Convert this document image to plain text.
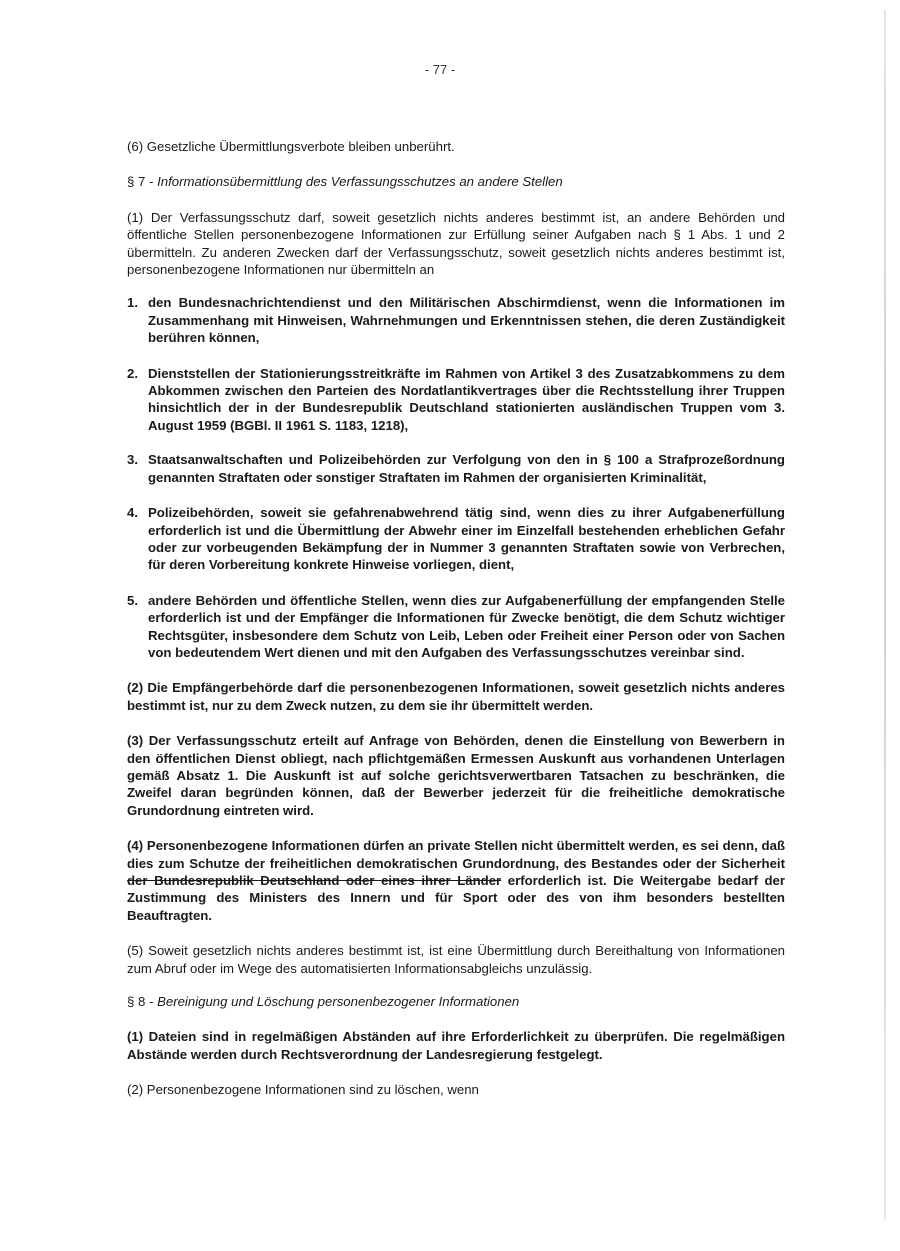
- 77 -

(6) Gesetzliche Übermittlungsverbote bleiben unberührt.

§ 7 - Informationsübermittlung des Verfassungsschutzes an andere Stellen

(1) Der Verfassungsschutz darf, soweit gesetzlich nichts anderes bestimmt ist, an andere Behörden und öffentliche Stellen personenbezogene Informationen zur Erfüllung seiner Aufgaben nach § 1 Abs. 1 und 2 übermitteln. Zu anderen Zwecken darf der Verfassungsschutz, soweit gesetzlich nichts anderes bestimmt ist, personenbezogene Informationen nur übermitteln an

1. den Bundesnachrichtendienst und den Militärischen Abschirmdienst, wenn die Informationen im Zusammenhang mit Hinweisen, Wahrnehmungen und Erkenntnissen stehen, die deren Zuständigkeit berühren können,
2. Dienststellen der Stationierungsstreitkräfte im Rahmen von Artikel 3 des Zusatzabkommens zu dem Abkommen zwischen den Parteien des Nordatlantikvertrages über die Rechtsstellung ihrer Truppen hinsichtlich der in der Bundesrepublik Deutschland stationierten ausländischen Truppen vom 3. August 1959 (BGBl. II 1961 S. 1183, 1218),
3. Staatsanwaltschaften und Polizeibehörden zur Verfolgung von den in § 100 a Strafprozeßordnung genannten Straftaten oder sonstiger Straftaten im Rahmen der organisierten Kriminalität,
4. Polizeibehörden, soweit sie gefahrenabwehrend tätig sind, wenn dies zu ihrer Aufgabenerfüllung erforderlich ist und die Übermittlung der Abwehr einer im Einzelfall bestehenden erheblichen Gefahr oder zur vorbeugenden Bekämpfung der in Nummer 3 genannten Straftaten sowie von Verbrechen, für deren Vorbereitung konkrete Hinweise vorliegen, dient,
5. andere Behörden und öffentliche Stellen, wenn dies zur Aufgabenerfüllung der empfangenden Stelle erforderlich ist und der Empfänger die Informationen für Zwecke benötigt, die dem Schutz wichtiger Rechtsgüter, insbesondere dem Schutz von Leib, Leben oder Freiheit einer Person oder von Sachen von bedeutendem Wert dienen und mit den Aufgaben des Verfassungsschutzes vereinbar sind.

(2) Die Empfängerbehörde darf die personenbezogenen Informationen, soweit gesetzlich nichts anderes bestimmt ist, nur zu dem Zweck nutzen, zu dem sie ihr übermittelt werden.

(3) Der Verfassungsschutz erteilt auf Anfrage von Behörden, denen die Einstellung von Bewerbern in den öffentlichen Dienst obliegt, nach pflichtgemäßen Ermessen Auskunft aus vorhandenen Unterlagen gemäß Absatz 1. Die Auskunft ist auf solche gerichtsverwertbaren Tatsachen zu beschränken, die Zweifel daran begründen können, daß der Bewerber jederzeit für die freiheitliche demokratische Grundordnung eintreten wird.

(4) Personenbezogene Informationen dürfen an private Stellen nicht übermittelt werden, es sei denn, daß dies zum Schutze der freiheitlichen demokratischen Grundordnung, des Bestandes oder der Sicherheit der Bundesrepublik Deutschland oder eines ihrer Länder erforderlich ist. Die Weitergabe bedarf der Zustimmung des Ministers des Innern und für Sport oder des von ihm besonders bestellten Beauftragten.

(5) Soweit gesetzlich nichts anderes bestimmt ist, ist eine Übermittlung durch Bereithaltung von Informationen zum Abruf oder im Wege des automatisierten Informationsabgleichs unzulässig.

§ 8 - Bereinigung und Löschung personenbezogener Informationen

(1) Dateien sind in regelmäßigen Abständen auf ihre Erforderlichkeit zu überprüfen. Die regelmäßigen Abstände werden durch Rechtsverordnung der Landesregierung festgelegt.

(2) Personenbezogene Informationen sind zu löschen, wenn
